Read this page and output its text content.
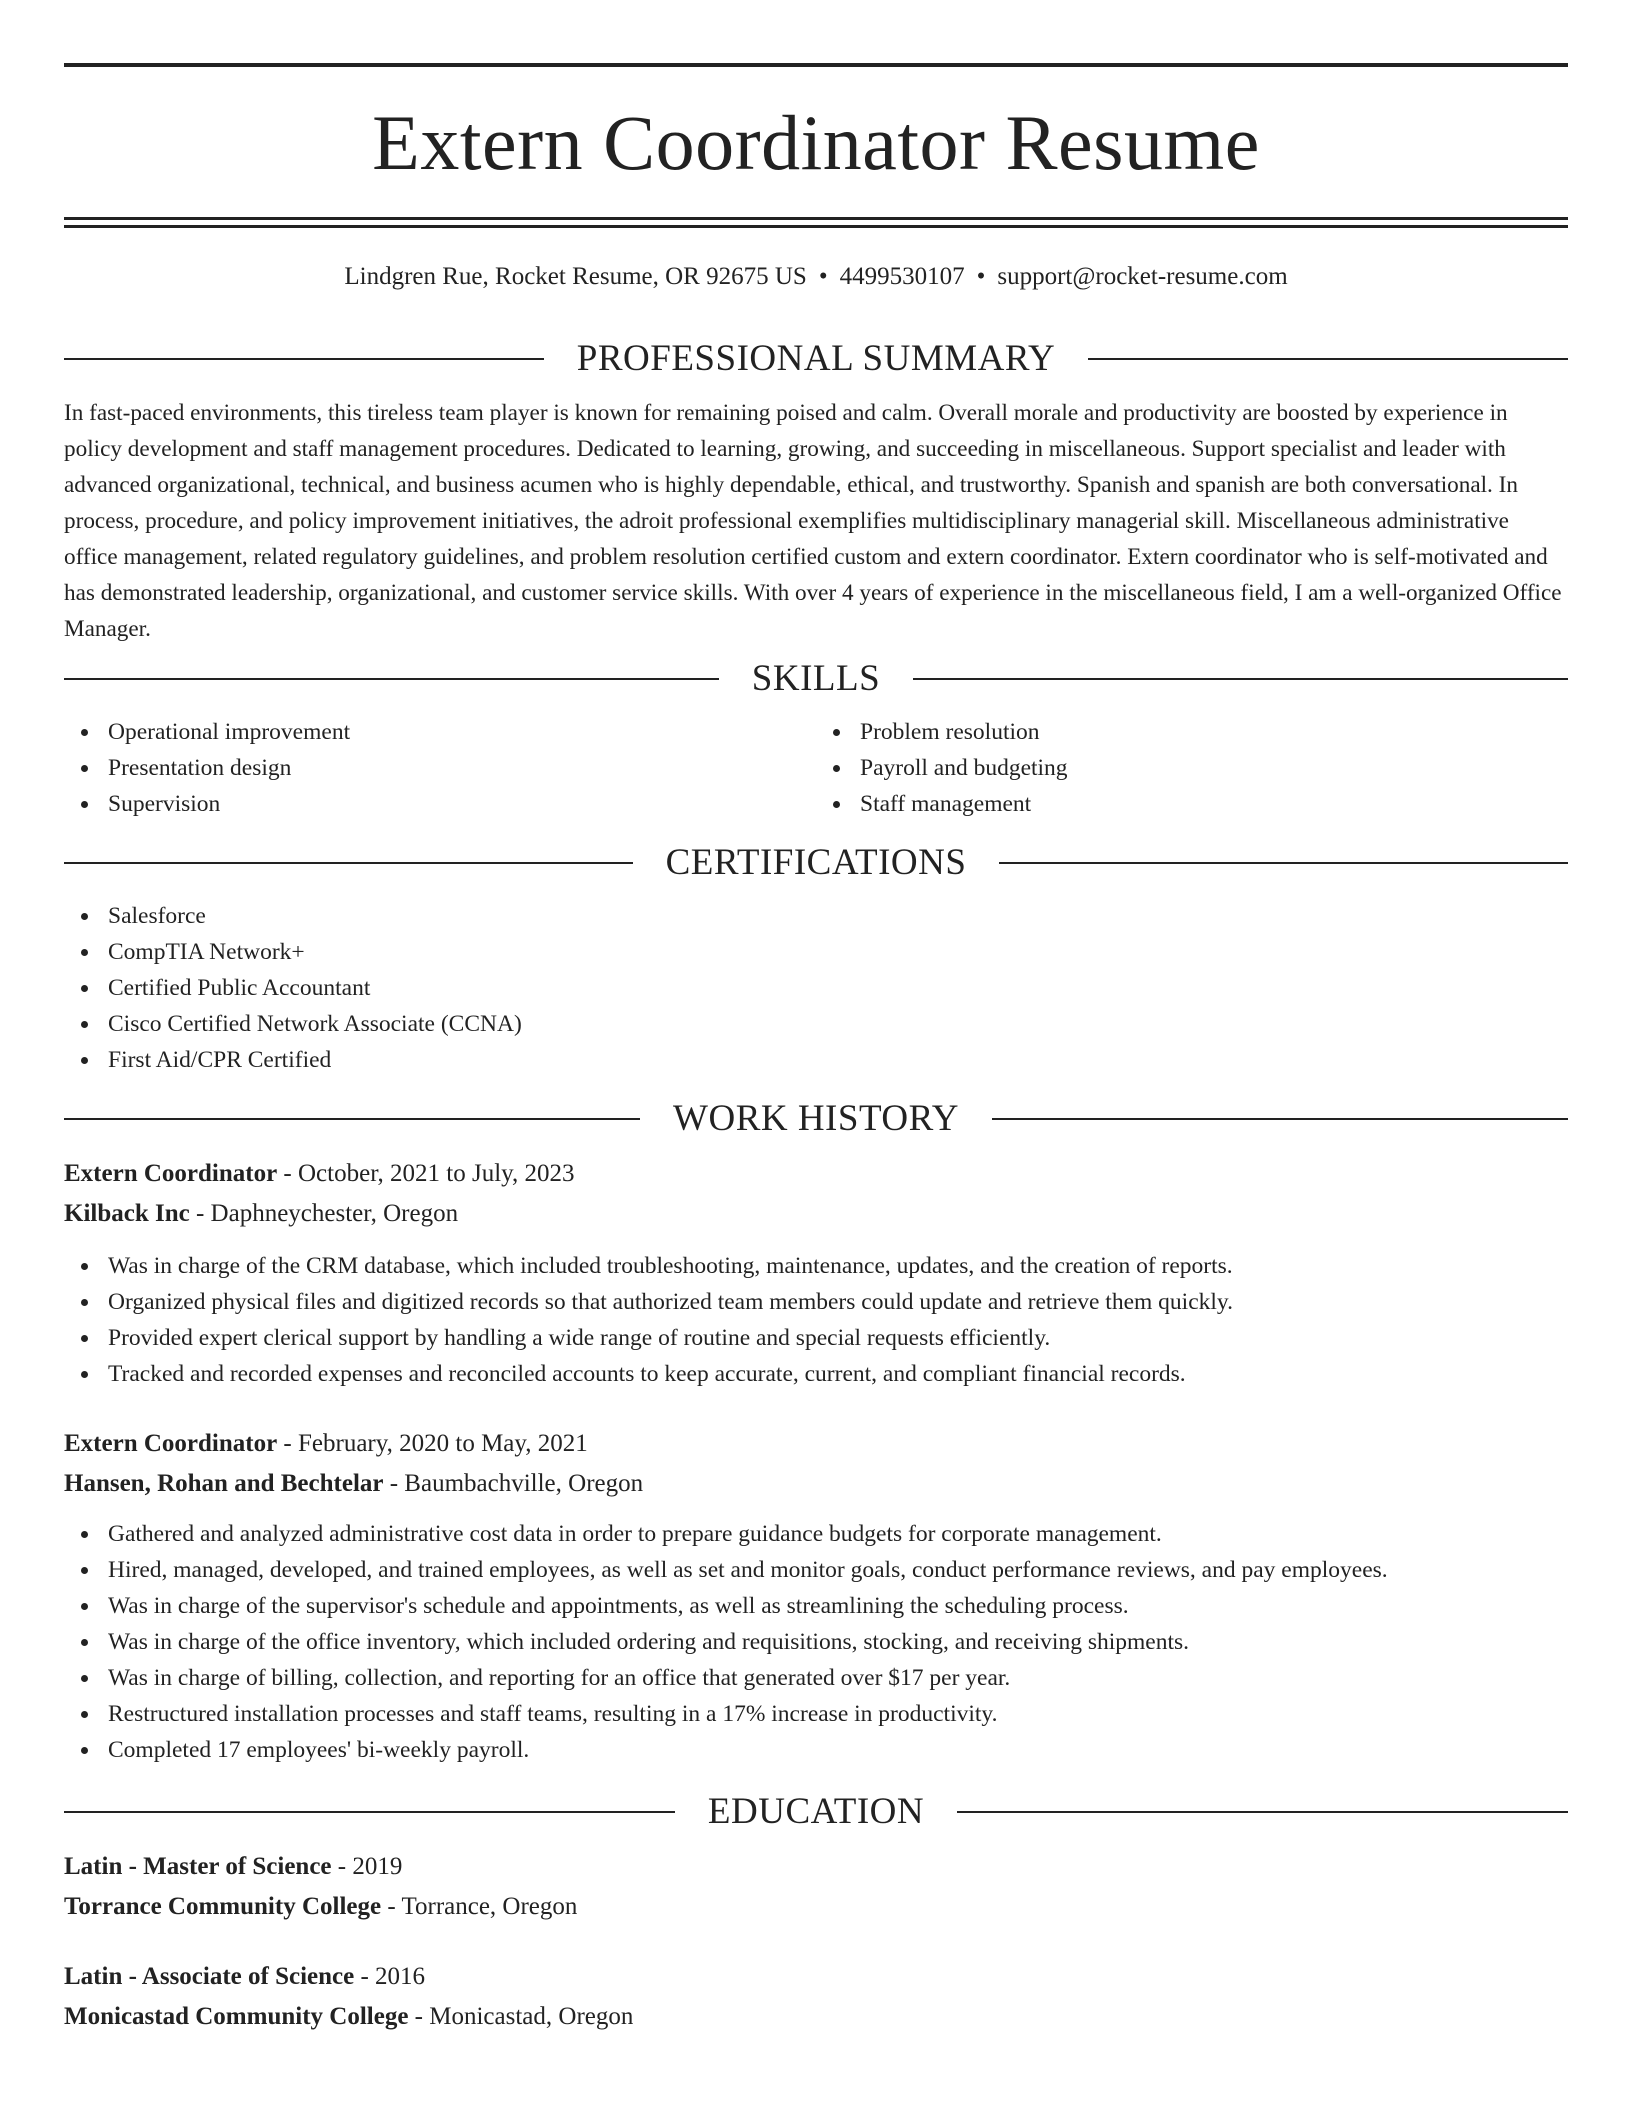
Extern Coordinator Resume
Lindgren Rue, Rocket Resume, OR 92675 US • 4499530107 • support@rocket-resume.com
PROFESSIONAL SUMMARY

In fast-paced environments, this tireless team player is known for remaining poised and calm. Overall morale and productivity are boosted by experience in policy development and staff management procedures. Dedicated to learning, growing, and succeeding in miscellaneous. Support specialist and leader with advanced organizational, technical, and business acumen who is highly dependable, ethical, and trustworthy. Spanish and spanish are both conversational. In process, procedure, and policy improvement initiatives, the adroit professional exemplifies multidisciplinary managerial skill. Miscellaneous administrative office management, related regulatory guidelines, and problem resolution certified custom and extern coordinator. Extern coordinator who is self-motivated and has demonstrated leadership, organizational, and customer service skills. With over 4 years of experience in the miscellaneous field, I am a well-organized Office Manager.

SKILLS
Operational improvement
Presentation design
Supervision
Problem resolution
Payroll and budgeting
Staff management
CERTIFICATIONS
Salesforce
CompTIA Network+
Certified Public Accountant
Cisco Certified Network Associate (CCNA)
First Aid/CPR Certified
WORK HISTORY
Extern Coordinator - October, 2021 to July, 2023
Kilback Inc - Daphneychester, Oregon
Was in charge of the CRM database, which included troubleshooting, maintenance, updates, and the creation of reports.
Organized physical files and digitized records so that authorized team members could update and retrieve them quickly.
Provided expert clerical support by handling a wide range of routine and special requests efficiently.
Tracked and recorded expenses and reconciled accounts to keep accurate, current, and compliant financial records.
Extern Coordinator - February, 2020 to May, 2021
Hansen, Rohan and Bechtelar - Baumbachville, Oregon
Gathered and analyzed administrative cost data in order to prepare guidance budgets for corporate management.
Hired, managed, developed, and trained employees, as well as set and monitor goals, conduct performance reviews, and pay employees.
Was in charge of the supervisor's schedule and appointments, as well as streamlining the scheduling process.
Was in charge of the office inventory, which included ordering and requisitions, stocking, and receiving shipments.
Was in charge of billing, collection, and reporting for an office that generated over $17 per year.
Restructured installation processes and staff teams, resulting in a 17% increase in productivity.
Completed 17 employees' bi-weekly payroll.
EDUCATION
Latin - Master of Science - 2019
Torrance Community College - Torrance, Oregon
Latin - Associate of Science - 2016
Monicastad Community College - Monicastad, Oregon
